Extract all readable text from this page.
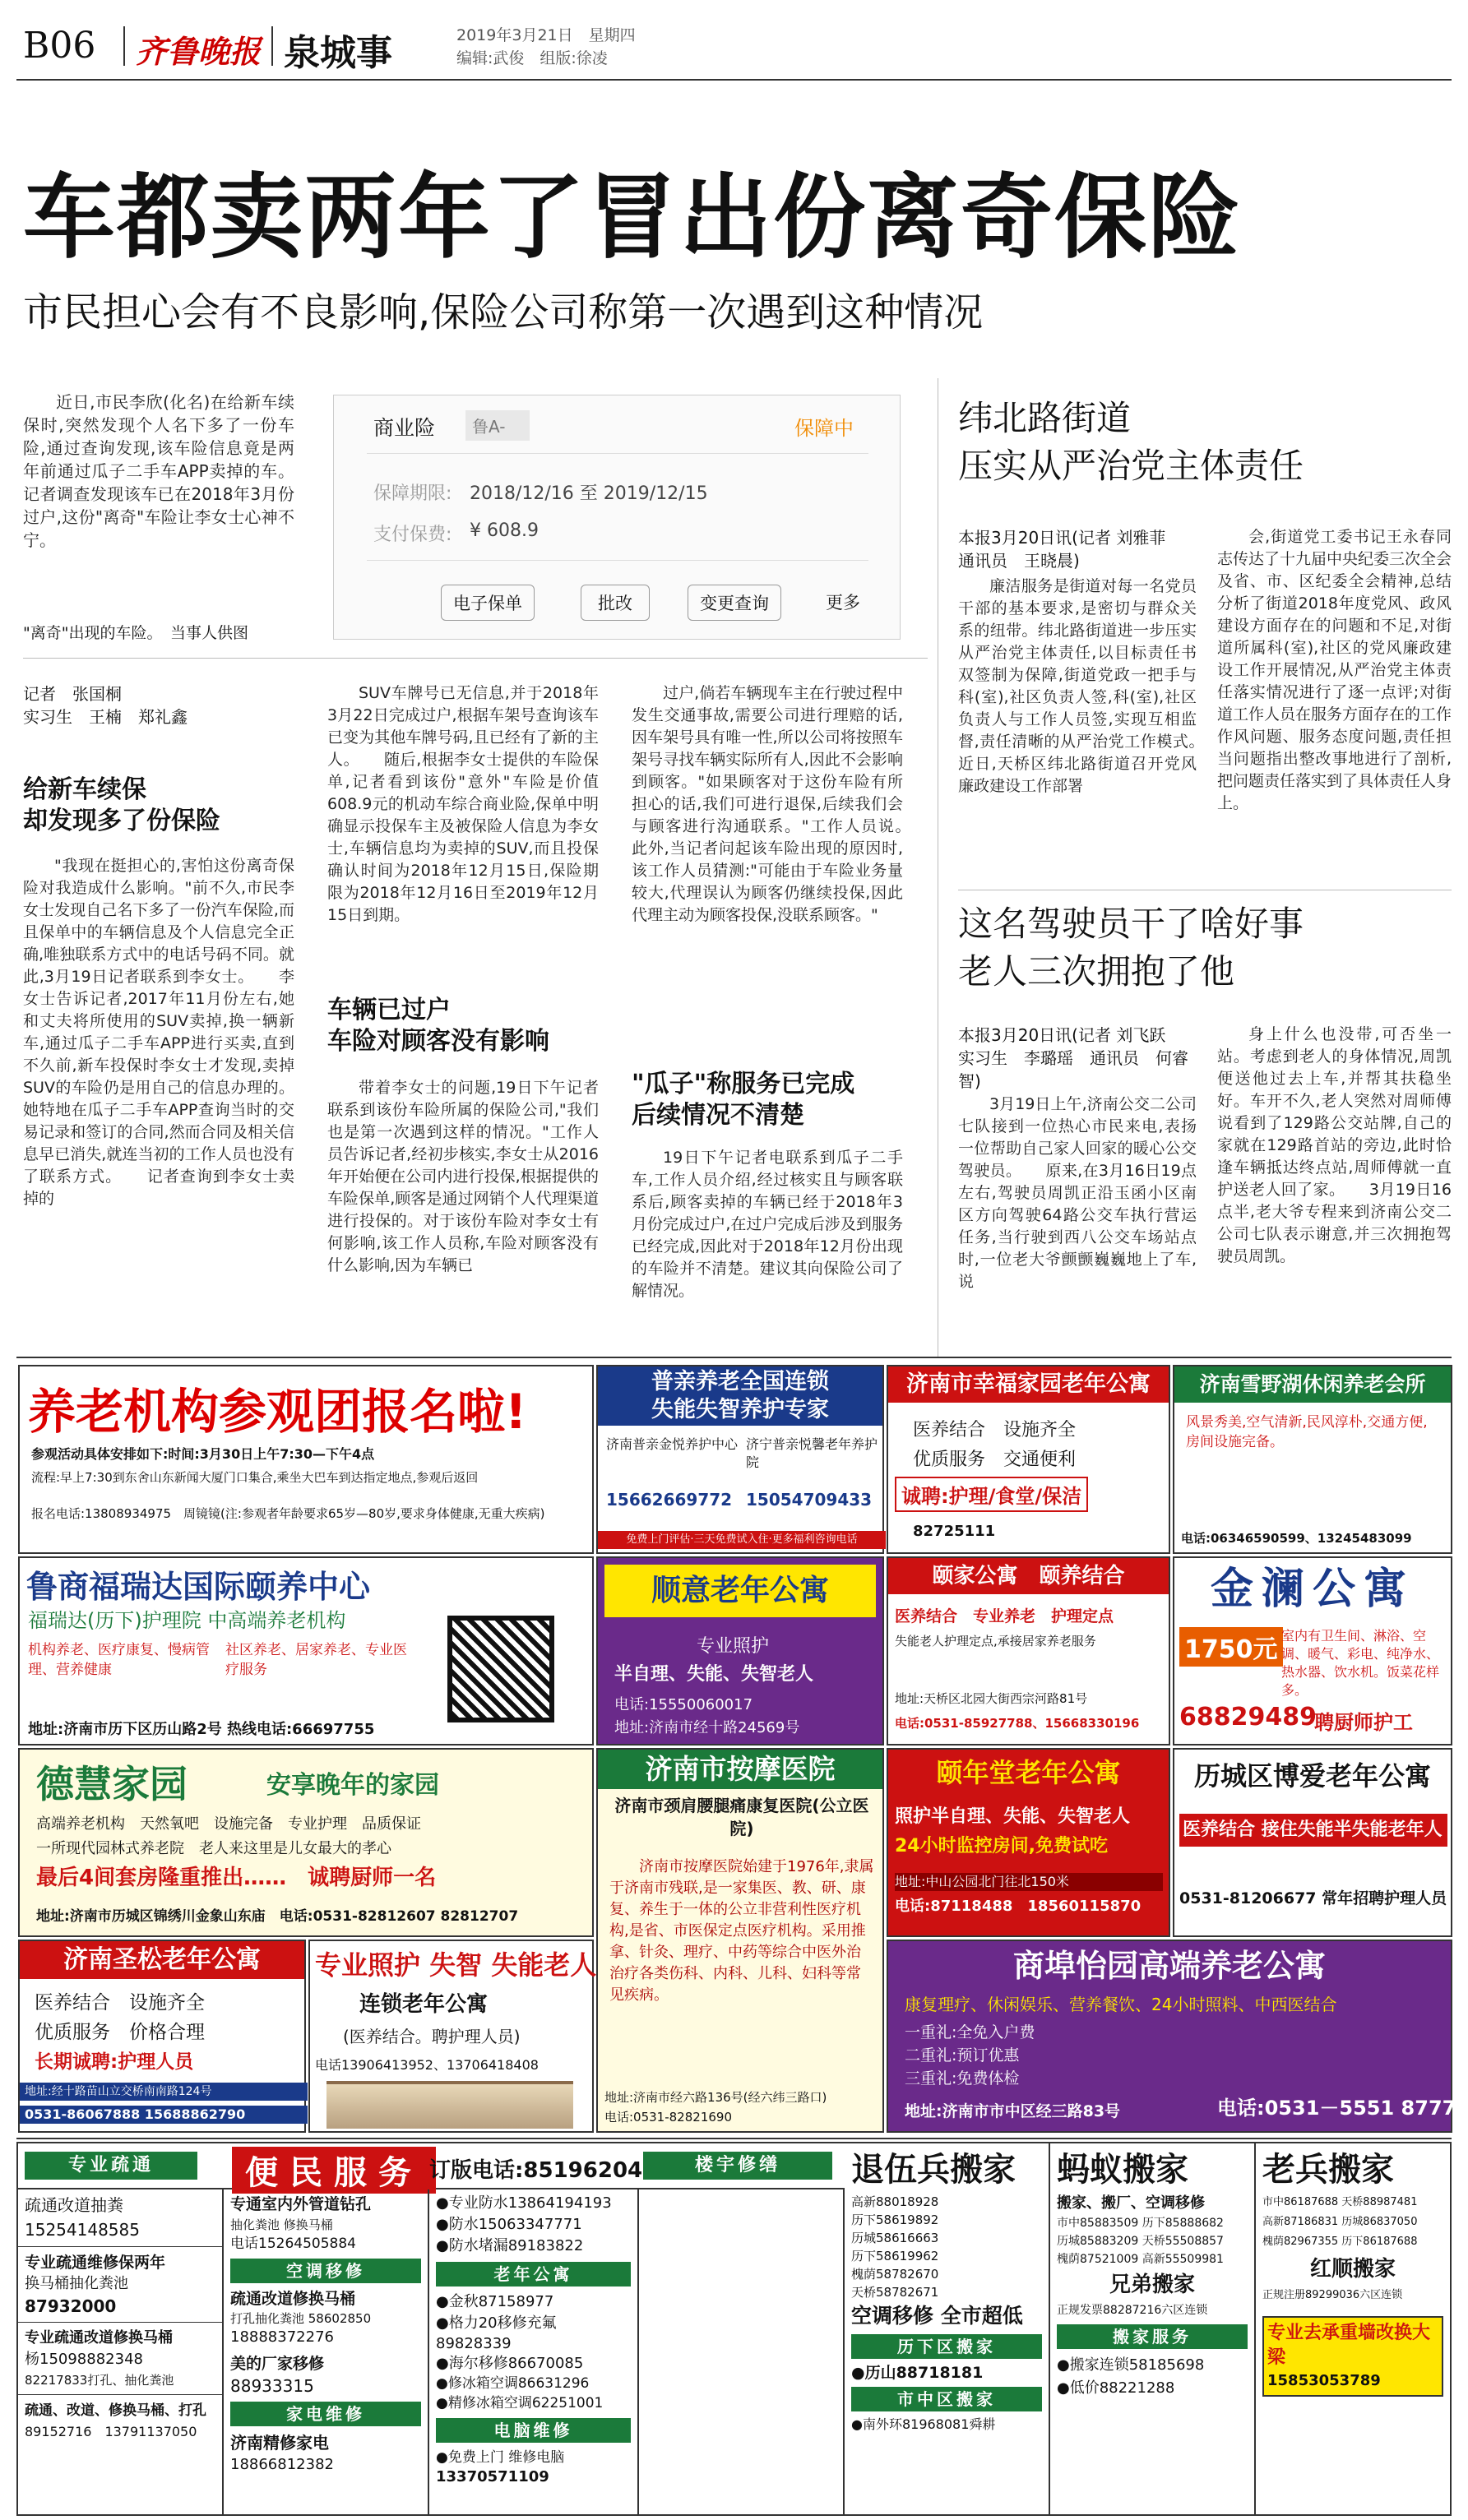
B06 齐鲁晚报 泉城事	2019年3月21日　星期四
编辑:武俊　组版:徐凌
车都卖两年了冒出份离奇保险
市民担心会有不良影响,保险公司称第一次遇到这种情况

近日,市民李欣(化名)在给新车续保时,突然发现个人名下多了一份车险,通过查询发现,该车险信息竟是两年前通过瓜子二手车APP卖掉的车。记者调查发现该车已在2018年3月份过户,这份"离奇"车险让李女士心神不宁。

商业险	鲁A-	保障中
保障期限: 2018/12/16 至 2019/12/15
支付保费: ¥ 608.9
电子保单	批改	变更查询	更多
"离奇"出现的车险。　当事人供图
记者　张国桐
实习生　王楠　郑礼鑫
给新车续保
却发现多了份保险

"我现在挺担心的,害怕这份离奇保险对我造成什么影响。"前不久,市民李女士发现自己名下多了一份汽车保险,而且保单中的车辆信息及个人信息完全正确,唯独联系方式中的电话号码不同。就此,3月19日记者联系到李女士。　　李女士告诉记者,2017年11月份左右,她和丈夫将所使用的SUV卖掉,换一辆新车,通过瓜子二手车APP进行买卖,直到不久前,新车投保时李女士才发现,卖掉SUV的车险仍是用自己的信息办理的。她特地在瓜子二手车APP查询当时的交易记录和签订的合同,然而合同及相关信息早已消失,就连当初的工作人员也没有了联系方式。　　记者查询到李女士卖掉的

SUV车牌号已无信息,并于2018年3月22日完成过户,根据车架号查询该车已变为其他车牌号码,且已经有了新的主人。　　随后,根据李女士提供的车险保单,记者看到该份"意外"车险是价值608.9元的机动车综合商业险,保单中明确显示投保车主及被保险人信息为李女士,车辆信息均为卖掉的SUV,而且投保确认时间为2018年12月15日,保险期限为2018年12月16日至2019年12月15日到期。

车辆已过户
车险对顾客没有影响

带着李女士的问题,19日下午记者联系到该份车险所属的保险公司,"我们也是第一次遇到这样的情况。"工作人员告诉记者,经初步核实,李女士从2016年开始便在公司内进行投保,根据提供的车险保单,顾客是通过网销个人代理渠道进行投保的。对于该份车险对李女士有何影响,该工作人员称,车险对顾客没有什么影响,因为车辆已

过户,倘若车辆现车主在行驶过程中发生交通事故,需要公司进行理赔的话,因车架号具有唯一性,所以公司将按照车架号寻找车辆实际所有人,因此不会影响到顾客。"如果顾客对于这份车险有所担心的话,我们可进行退保,后续我们会与顾客进行沟通联系。"工作人员说。　　此外,当记者问起该车险出现的原因时,该工作人员猜测:"可能由于车险业务量较大,代理误认为顾客仍继续投保,因此代理主动为顾客投保,没联系顾客。"

"瓜子"称服务已完成
后续情况不清楚

19日下午记者电联系到瓜子二手车,工作人员介绍,经过核实且与顾客联系后,顾客卖掉的车辆已经于2018年3月份完成过户,在过户完成后涉及到服务已经完成,因此对于2018年12月份出现的车险并不清楚。建议其向保险公司了解情况。

纬北路街道
压实从严治党主体责任
本报3月20日讯(记者 刘雅菲　通讯员　王晓晨)

廉洁服务是街道对每一名党员干部的基本要求,是密切与群众关系的纽带。纬北路街道进一步压实从严治党主体责任,以目标责任书双签制为保障,街道党政一把手与科(室),社区负责人签,科(室),社区负责人与工作人员签,实现互相监督,责任清晰的从严治党工作模式。　　近日,天桥区纬北路街道召开党风廉政建设工作部署

会,街道党工委书记王永春同志传达了十九届中央纪委三次全会及省、市、区纪委全会精神,总结分析了街道2018年度党风、政风建设方面存在的问题和不足,对街道所属科(室),社区的党风廉政建设工作开展情况,从严治党主体责任落实情况进行了逐一点评;对街道工作人员在服务方面存在的工作作风问题、服务态度问题,责任担当问题指出整改事地进行了剖析,把问题责任落实到了具体责任人身上。

这名驾驶员干了啥好事
老人三次拥抱了他
本报3月20日讯(记者 刘飞跃　实习生　李璐瑶　通讯员　何睿智)

3月19日上午,济南公交二公司七队接到一位热心市民来电,表扬一位帮助自己家人回家的暖心公交驾驶员。　　原来,在3月16日19点左右,驾驶员周凯正沿玉函小区南区方向驾驶64路公交车执行营运任务,当行驶到西八公交车场站点时,一位老大爷颤颤巍巍地上了车,说

身上什么也没带,可否坐一站。考虑到老人的身体情况,周凯便送他过去上车,并帮其扶稳坐好。车开不久,老人突然对周师傅说看到了129路公交站牌,自己的家就在129路首站的旁边,此时恰逢车辆抵达终点站,周师傅就一直护送老人回了家。　　3月19日16点半,老大爷专程来到济南公交二公司七队表示谢意,并三次拥抱驾驶员周凯。

养老机构参观团报名啦!
参观活动具体安排如下:时间:3月30日上午7:30—下午4点
流程:早上7:30到东舍山东新闻大厦门口集合,乘坐大巴车到达指定地点,参观后返回
报名电话:13808934975　周镜镜(注:参观者年龄要求65岁—80岁,要求身体健康,无重大疾病)
普亲养老全国连锁
失能失智养护专家
济南普亲金悦养护中心 济宁普亲悦馨老年养护院
15662669772 15054709433
免费上门评估·三天免费试入住·更多福利咨询电话
济南市幸福家园老年公寓
医养结合　设施齐全
优质服务　交通便利
诚聘:护理/食堂/保洁
82725111
济南雪野湖休闲养老会所
风景秀美,空气清新,民风淳朴,交通方便,房间设施完备。
电话:06346590599、13245483099
鲁商福瑞达国际颐养中心
福瑞达(历下)护理院 中高端养老机构
机构养老、医疗康复、慢病管理、营养健康
社区养老、居家养老、专业医疗服务
地址:济南市历下区历山路2号 热线电话:66697755
顺意老年公寓
专业照护
半自理、失能、失智老人
电话:15550060017
地址:济南市经十路24569号
颐家公寓　颐养结合
医养结合　专业养老　护理定点
失能老人护理定点,承接居家养老服务
地址:天桥区北园大街西宗河路81号
电话:0531-85927788、15668330196
金澜公寓
1750元 室内有卫生间、淋浴、空调、暖气、彩电、纯净水、热水器、饮水机。饭菜花样多。
68829489
聘厨师护工
德慧家园	安享晚年的家园
高端养老机构　天然氧吧　设施完备　专业护理　品质保证
一所现代园林式养老院　老人来这里是儿女最大的孝心
最后4间套房隆重推出……　诚聘厨师一名
地址:济南市历城区锦绣川金象山东庙　电话:0531-82812607 82812707
济南市按摩医院
济南市颈肩腰腿痛康复医院(公立医院)
济南市按摩医院始建于1976年,隶属于济南市残联,是一家集医、教、研、康复、养生于一体的公立非营利性医疗机构,是省、市医保定点医疗机构。采用推拿、针灸、理疗、中药等综合中医外治治疗各类伤科、内科、儿科、妇科等常见疾病。
地址:济南市经六路136号(经六纬三路口)
电话:0531-82821690
颐年堂老年公寓
照护半自理、失能、失智老人
24小时监控房间,免费试吃
地址:中山公园北门往北150米
电话:87118488　18560115870
历城区博爱老年公寓
医养结合 接住失能半失能老年人
0531-81206677 常年招聘护理人员
济南圣松老年公寓
医养结合　设施齐全
优质服务　价格合理
长期诚聘:护理人员
地址:经十路苗山立交桥南南路124号
0531-86067888 15688862790
专业照护 失智 失能老人
连锁老年公寓
(医养结合。聘护理人员)
电话13906413952、13706418408
商埠怡园高端养老公寓
康复理疗、休闲娱乐、营养餐饮、24小时照料、中西医结合
一重礼:全免入户费
二重礼:预订优惠
三重礼:免费体检
地址:济南市市中区经三路83号	电话:0531－5551 8777
专业疏通	便民服务 订版电话:85196204	楼宇修缮
疏通改道抽粪
15254148585
专业疏通维修保两年
换马桶抽化粪池
87932000
专业疏通改道修换马桶
杨15098882348
82217833打孔、抽化粪池
疏通、改道、修换马桶、打孔
89152716　13791137050
专通室内外管道钻孔
抽化粪池 修换马桶
电话15264505884
空调移修
疏通改道修换马桶
打孔抽化粪池 58602850
18888372276
美的厂家移修
88933315
家电维修
济南精修家电
18866812382
●专业防水13864194193
●防水15063347771
●防水堵漏89183822
老年公寓
●金秋87158977
●格力20移修充氟
89828339
●海尔移修86670085
●修冰箱空调86631296
●精修冰箱空调62251001
电脑维修
●免费上门 维修电脑
13370571109
退伍兵搬家
高新88018928
历下58619892
历城58616663
历下58619962
槐荫58782670
天桥58782671
空调移修 全市超低
历下区搬家
●历山88718181
市中区搬家
●南外环81968081舜耕
蚂蚁搬家
搬家、搬厂、空调移修
市中85883509 历下85888682
历城85883209 天桥55508857
槐荫87521009 高新55509981
兄弟搬家
正规发票88287216六区连锁
搬家服务
●搬家连锁58185698
●低价88221288
老兵搬家
市中86187688 天桥88987481
高新87186831 历城86837050
槐荫82967355 历下86187688
红顺搬家
正规注册89299036六区连锁
专业去承重墙改换大梁
15853053789
